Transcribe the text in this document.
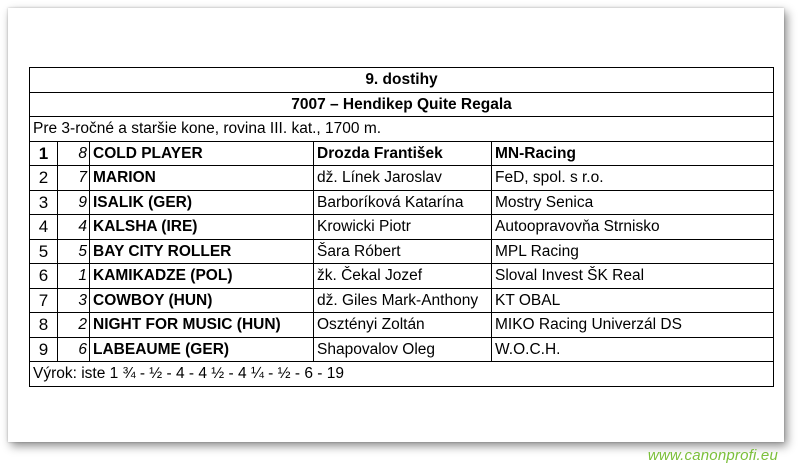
9. dostihy				
7007 – Hendikep Quite Regala				
Pre 3-ročné a staršie kone, rovina III. kat., 1700 m.				
1	8	COLD PLAYER	Drozda František	MN-Racing
2	7	MARION	dž. Línek Jaroslav	FeD, spol. s r.o.
3	9	ISALIK (GER)	Barboríková Katarína	Mostry Senica
4	4	KALSHA (IRE)	Krowicki Piotr	Autoopravovňa Strnisko
5	5	BAY CITY ROLLER	Šara Róbert	MPL Racing
6	1	KAMIKADZE (POL)	žk. Čekal Jozef	Sloval Invest ŠK Real
7	3	COWBOY (HUN)	dž. Giles Mark-Anthony	KT OBAL
8	2	NIGHT FOR MUSIC (HUN)	Osztényi Zoltán	MIKO Racing Univerzál DS
9	6	LABEAUME (GER)	Shapovalov Oleg	W.O.C.H.
Výrok: iste 1 ¾ - ½ - 4 - 4 ½ - 4 ¼ - ½ - 6 - 19				
www.canonprofi.eu
